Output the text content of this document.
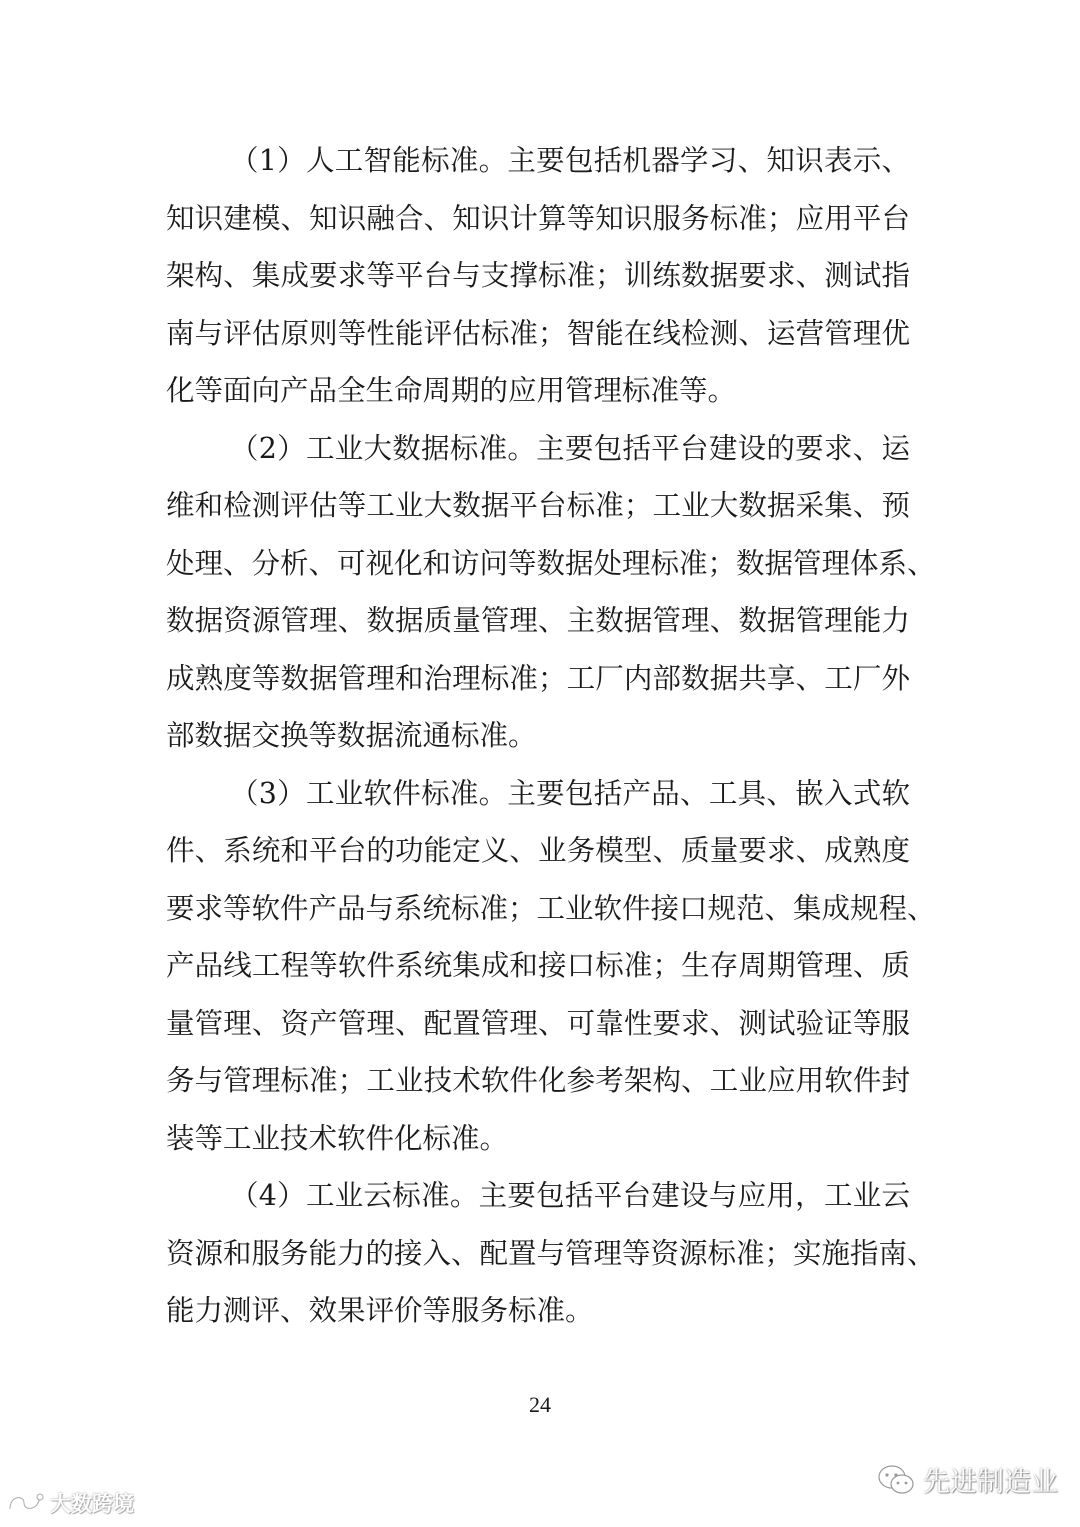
（1）人工智能标准。主要包括机器学习、知识表示、
知识建模、知识融合、知识计算等知识服务标准；应用平台
架构、集成要求等平台与支撑标准；训练数据要求、测试指
南与评估原则等性能评估标准；智能在线检测、运营管理优
化等面向产品全生命周期的应用管理标准等。
（2）工业大数据标准。主要包括平台建设的要求、运
维和检测评估等工业大数据平台标准；工业大数据采集、预
处理、分析、可视化和访问等数据处理标准；数据管理体系、
数据资源管理、数据质量管理、主数据管理、数据管理能力
成熟度等数据管理和治理标准；工厂内部数据共享、工厂外
部数据交换等数据流通标准。
（3）工业软件标准。主要包括产品、工具、嵌入式软
件、系统和平台的功能定义、业务模型、质量要求、成熟度
要求等软件产品与系统标准；工业软件接口规范、集成规程、
产品线工程等软件系统集成和接口标准；生存周期管理、质
量管理、资产管理、配置管理、可靠性要求、测试验证等服
务与管理标准；工业技术软件化参考架构、工业应用软件封
装等工业技术软件化标准。
（4）工业云标准。主要包括平台建设与应用，工业云
资源和服务能力的接入、配置与管理等资源标准；实施指南、
能力测评、效果评价等服务标准。
24
大数跨境
先进制造业
